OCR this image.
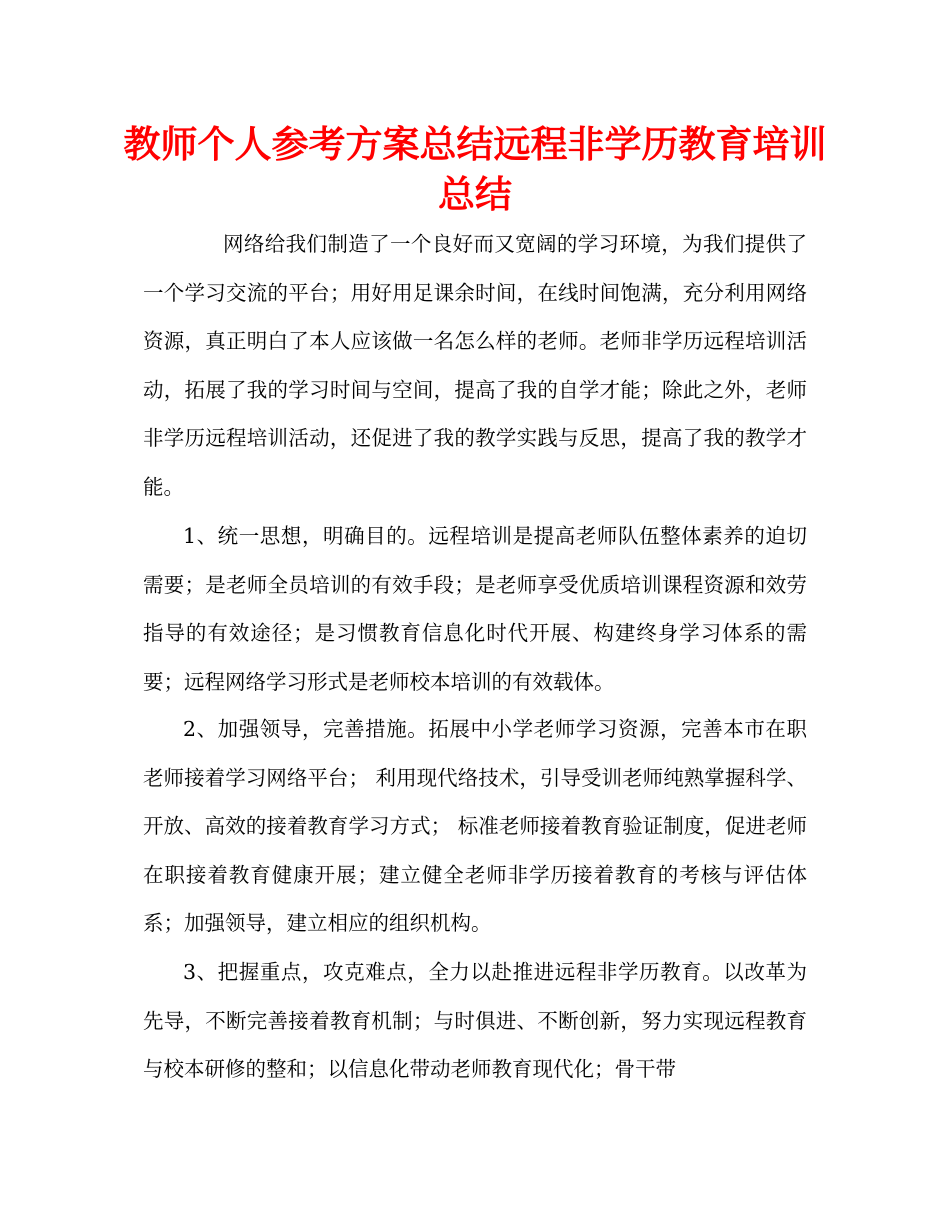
教师个人参考方案总结远程非学历教育培训总结

网络给我们制造了一个良好而又宽阔的学习环境，为我们提供了一个学习交流的平台；用好用足课余时间，在线时间饱满，充分利用网络资源，真正明白了本人应该做一名怎么样的老师。老师非学历远程培训活动，拓展了我的学习时间与空间，提高了我的自学才能；除此之外，老师非学历远程培训活动，还促进了我的教学实践与反思，提高了我的教学才能。

1、统一思想，明确目的。远程培训是提高老师队伍整体素养的迫切需要；是老师全员培训的有效手段；是老师享受优质培训课程资源和效劳指导的有效途径；是习惯教育信息化时代开展、构建终身学习体系的需要；远程网络学习形式是老师校本培训的有效载体。

2、加强领导，完善措施。拓展中小学老师学习资源，完善本市在职老师接着学习网络平台； 利用现代络技术，引导受训老师纯熟掌握科学、开放、高效的接着教育学习方式； 标准老师接着教育验证制度，促进老师在职接着教育健康开展；建立健全老师非学历接着教育的考核与评估体系；加强领导，建立相应的组织机构。

3、把握重点，攻克难点，全力以赴推进远程非学历教育。以改革为先导，不断完善接着教育机制；与时俱进、不断创新，努力实现远程教育与校本研修的整和；以信息化带动老师教育现代化；骨干带
